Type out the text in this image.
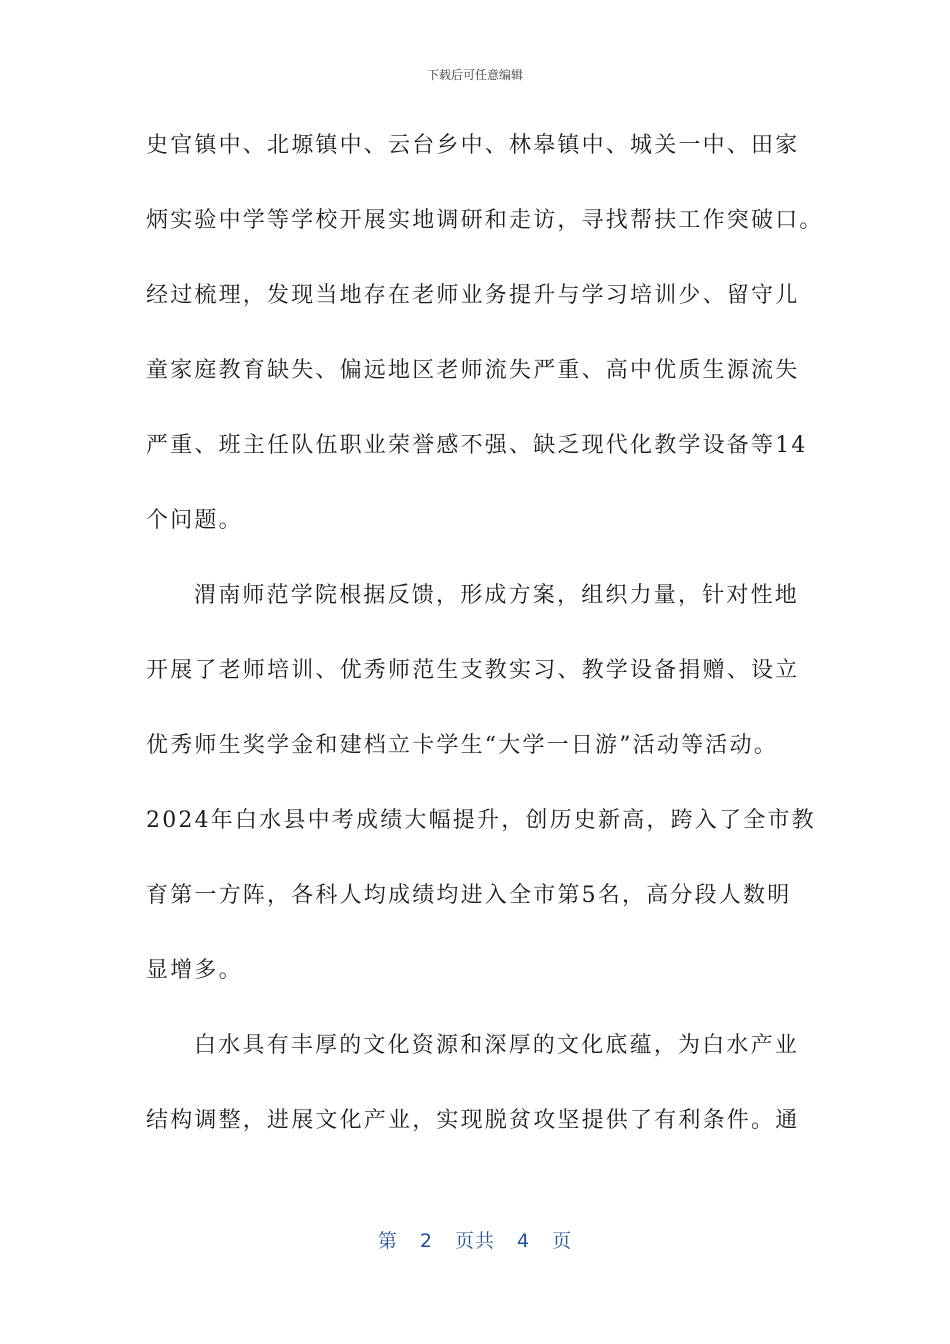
下载后可任意编辑
史官镇中、北塬镇中、云台乡中、林皋镇中、城关一中、田家
炳实验中学等学校开展实地调研和走访，寻找帮扶工作突破口。
经过梳理，发现当地存在老师业务提升与学习培训少、留守儿
童家庭教育缺失、偏远地区老师流失严重、高中优质生源流失
严重、班主任队伍职业荣誉感不强、缺乏现代化教学设备等14
个问题。
渭南师范学院根据反馈，形成方案，组织力量，针对性地
开展了老师培训、优秀师范生支教实习、教学设备捐赠、设立
优秀师生奖学金和建档立卡学生“大学一日游”活动等活动。
2024年白水县中考成绩大幅提升，创历史新高，跨入了全市教
育第一方阵，各科人均成绩均进入全市第5名，高分段人数明
显增多。
白水具有丰厚的文化资源和深厚的文化底蕴，为白水产业
结构调整，进展文化产业，实现脱贫攻坚提供了有利条件。通
第 2 页共 4 页
